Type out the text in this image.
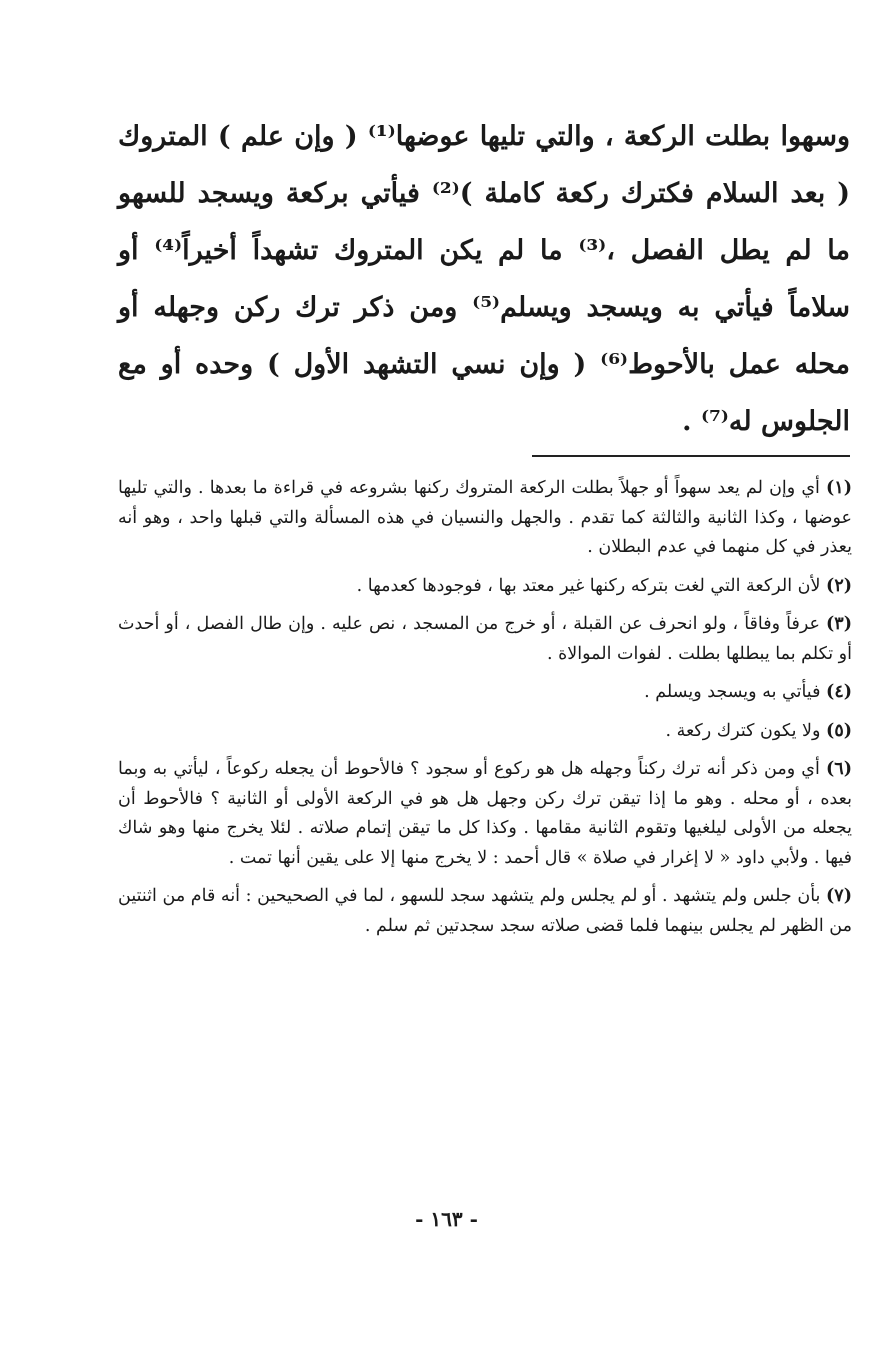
وسهوا بطلت الركعة ، والتي تليها عوضها⁽¹⁾ ( وإن علم ) المتروك ( بعد السلام فكترك ركعة كاملة )⁽²⁾ فيأتي بركعة ويسجد للسهو ما لم يطل الفصل ،⁽³⁾ ما لم يكن المتروك تشهداً أخيراً⁽⁴⁾ أو سلاماً فيأتي به ويسجد ويسلم⁽⁵⁾ ومن ذكر ترك ركن وجهله أو محله عمل بالأحوط⁽⁶⁾ ( وإن نسي التشهد الأول ) وحده أو مع الجلوس له⁽⁷⁾ .

(١) أي وإن لم يعد سهواً أو جهلاً بطلت الركعة المتروك ركنها بشروعه في قراءة ما بعدها . والتي تليها عوضها ، وكذا الثانية والثالثة كما تقدم . والجهل والنسيان في هذه المسألة والتي قبلها واحد ، وهو أنه يعذر في كل منهما في عدم البطلان .

(٢) لأن الركعة التي لغت بتركه ركنها غير معتد بها ، فوجودها كعدمها .

(٣) عرفاً وفاقاً ، ولو انحرف عن القبلة ، أو خرج من المسجد ، نص عليه . وإن طال الفصل ، أو أحدث أو تكلم بما يبطلها بطلت . لفوات الموالاة .

(٤) فيأتي به ويسجد ويسلم .

(٥) ولا يكون كترك ركعة .

(٦) أي ومن ذكر أنه ترك ركناً وجهله هل هو ركوع أو سجود ؟ فالأحوط أن يجعله ركوعاً ، ليأتي به وبما بعده ، أو محله . وهو ما إذا تيقن ترك ركن وجهل هل هو في الركعة الأولى أو الثانية ؟ فالأحوط أن يجعله من الأولى ليلغيها وتقوم الثانية مقامها . وكذا كل ما تيقن إتمام صلاته . لئلا يخرج منها وهو شاك فيها . ولأبي داود « لا إغرار في صلاة » قال أحمد : لا يخرج منها إلا على يقين أنها تمت .

(٧) بأن جلس ولم يتشهد . أو لم يجلس ولم يتشهد سجد للسهو ، لما في الصحيحين : أنه قام من اثنتين من الظهر لم يجلس بينهما فلما قضى صلاته سجد سجدتين ثم سلم .

- ١٦٣ -
